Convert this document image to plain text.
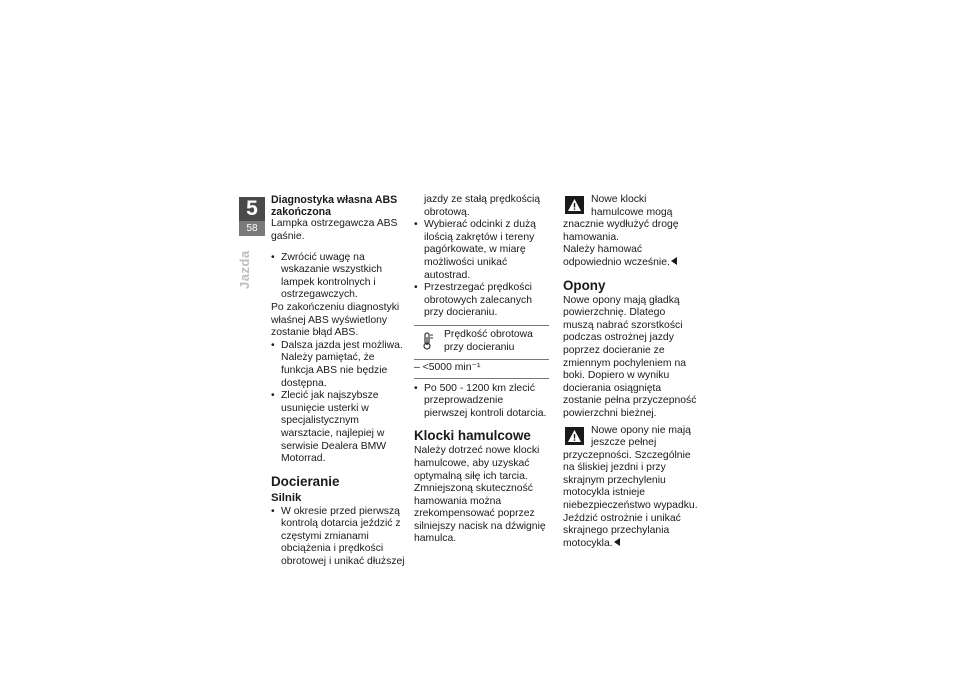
5
58
Jazda
Diagnostyka własna ABS zakończona

Lampka ostrzegawcza ABS gaśnie.

• Zwrócić uwagę na wskazanie wszystkich lampek kontrolnych i ostrzegawczych.

Po zakończeniu diagnostyki właśnej ABS wyświetlony zostanie błąd ABS.

• Dalsza jazda jest możliwa. Należy pamiętać, że funkcja ABS nie będzie dostępna.
• Zlecić jak najszybsze usunięcie usterki w specjalistycznym warsztacie, najlepiej w serwisie Dealera BMW Motorrad.
Docieranie
Silnik
• W okresie przed pierwszą kontrolą dotarcia jeździć z częstymi zmianami obciążenia i prędkości obrotowej i unikać dłuższej

jazdy ze stałą prędkością obrotową.

• Wybierać odcinki z dużą ilością zakrętów i tereny pagórkowate, w miarę możliwości unikać autostrad.
• Przestrzegać prędkości obrotowych zalecanych przy docieraniu.
Prędkość obrotowa przy docieraniu
– <5000 min⁻¹
• Po 500 - 1200 km zlecić przeprowadzenie pierwszej kontroli dotarcia.
Klocki hamulcowe

Należy dotrzeć nowe klocki hamulcowe, aby uzyskać optymalną siłę ich tarcia. Zmniejszoną skuteczność hamowania można zrekompensować poprzez silniejszy nacisk na dźwignię hamulca.

Nowe klocki hamulcowe mogą znacznie wydłużyć drogę hamowania.

Należy hamować odpowiednio wcześnie.

Opony

Nowe opony mają gładką powierzchnię. Dlatego muszą nabrać szorstkości podczas ostrożnej jazdy poprzez docieranie ze zmiennym pochyleniem na boki. Dopiero w wyniku docierania osiągnięta zostanie pełna przyczepność powierzchni bieżnej.

Nowe opony nie mają jeszcze pełnej przyczepności. Szczególnie na śliskiej jezdni i przy skrajnym przechyleniu motocykla istnieje niebezpieczeństwo wypadku.

Jeździć ostrożnie i unikać skrajnego przechylania motocykla.
